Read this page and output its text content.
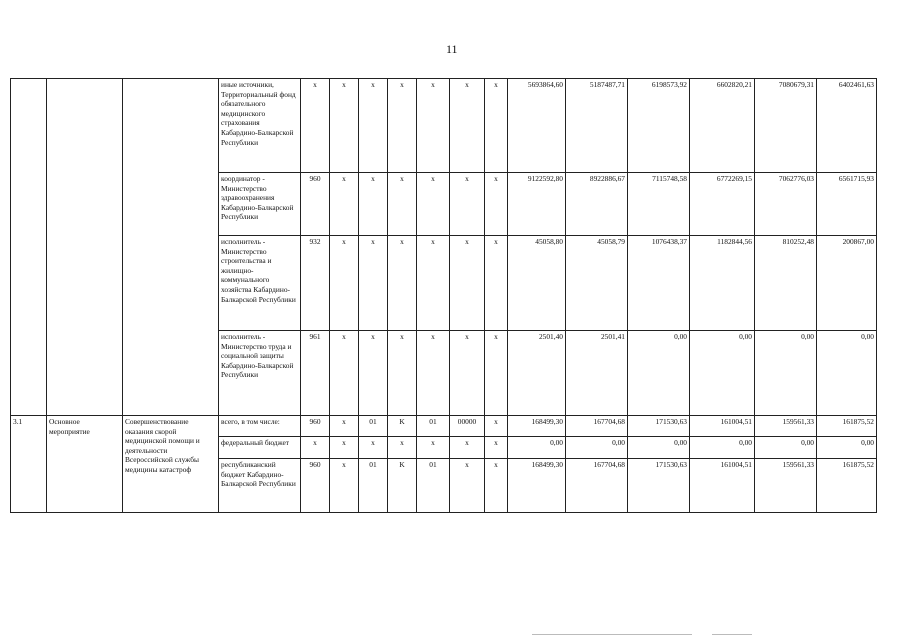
11
			иные источники, Территориальный фонд обязательного медицинского страхования Кабардино-Балкарской Республики	x	x	x	x	x	x	x	5693864,60	5187487,71	6198573,92	6602820,21	7080679,31	6402461,63
			координатор - Министерство здравоохранения Кабардино-Балкарской Республики	960	x	x	x	x	x	x	9122592,80	8922886,67	7115748,58	6772269,15	7062776,03	6561715,93
			исполнитель - Министерство строительства и жилищно-коммунального хозяйства Кабардино-Балкарской Республики	932	x	x	x	x	x	x	45058,80	45058,79	1076438,37	1182844,56	810252,48	200867,00
			исполнитель - Министерство труда и социальной защиты Кабардино-Балкарской Республики	961	x	x	x	x	x	x	2501,40	2501,41	0,00	0,00	0,00	0,00
3.1	Основное мероприятие	Совершенствование оказания скорой медицинской помощи и деятельности Всероссийской службы медицины катастроф	всего, в том числе:	960	x	01	K	01	00000	x	168499,30	167704,68	171530,63	161004,51	159561,33	161875,52
			федеральный бюджет	x	x	x	x	x	x	x	0,00	0,00	0,00	0,00	0,00	0,00
			республиканский бюджет Кабардино-Балкарской Республики	960	x	01	K	01	x	x	168499,30	167704,68	171530,63	161004,51	159561,33	161875,52
